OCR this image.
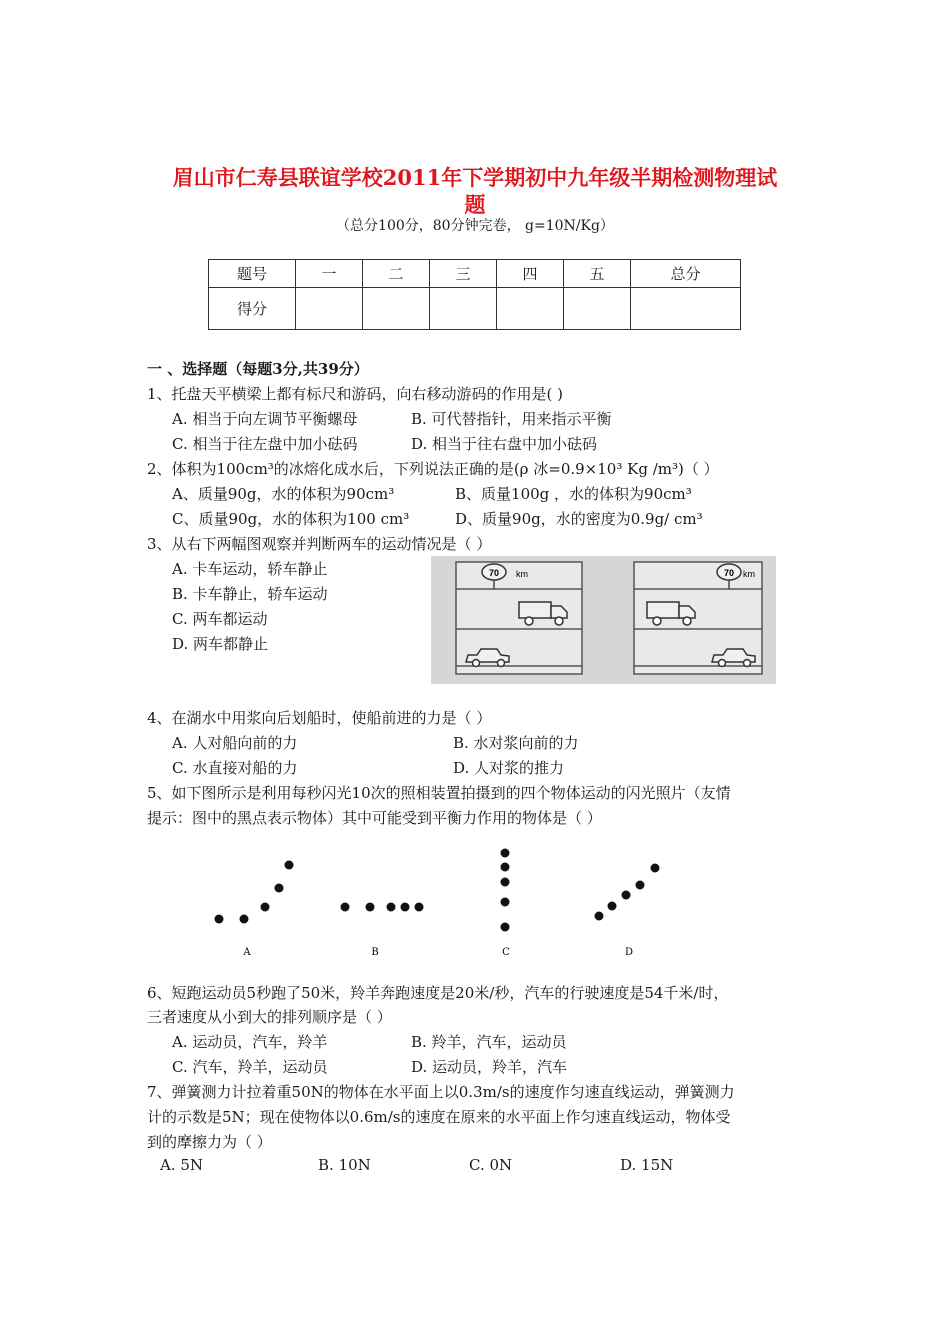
眉山市仁寿县联谊学校2011年下学期初中九年级半期检测物理试
题
（总分100分，80分钟完卷， g=10N/Kg）
题号	一	二	三	四	五	总分
得分						
一 、选择题（每题3分,共39分）
1、托盘天平横梁上都有标尺和游码，向右移动游码的作用是( )
A. 相当于向左调节平衡螺母	B. 可代替指针，用来指示平衡
C. 相当于往左盘中加小砝码	D. 相当于往右盘中加小砝码
2、体积为100cm³的冰熔化成水后，下列说法正确的是(ρ 冰=0.9×10³ Kg /m³)（ ）
A、质量90g，水的体积为90cm³	B、质量100g ，水的体积为90cm³
C、质量90g，水的体积为100 cm³	D、质量90g，水的密度为0.9g/ cm³
3、从右下两幅图观察并判断两车的运动情况是（ ）
A. 卡车运动，轿车静止
B. 卡车静止，轿车运动
C. 两车都运动
D. 两车都静止
70 km	70 km
4、在湖水中用浆向后划船时，使船前进的力是（ ）
A. 人对船向前的力	B. 水对浆向前的力
C. 水直接对船的力	D. 人对浆的推力
5、如下图所示是利用每秒闪光10次的照相装置拍摄到的四个物体运动的闪光照片（友情
提示：图中的黑点表示物体）其中可能受到平衡力作用的物体是（ ）
A	B	C	D
6、短跑运动员5秒跑了50米，羚羊奔跑速度是20米/秒，汽车的行驶速度是54千米/时，
三者速度从小到大的排列顺序是（ ）
A. 运动员，汽车，羚羊	B. 羚羊，汽车，运动员
C. 汽车，羚羊，运动员	D. 运动员，羚羊，汽车
7、弹簧测力计拉着重50N的物体在水平面上以0.3m/s的速度作匀速直线运动，弹簧测力
计的示数是5N；现在使物体以0.6m/s的速度在原来的水平面上作匀速直线运动，物体受
到的摩擦力为（ ）
A. 5N	B. 10N	C. 0N	D. 15N
